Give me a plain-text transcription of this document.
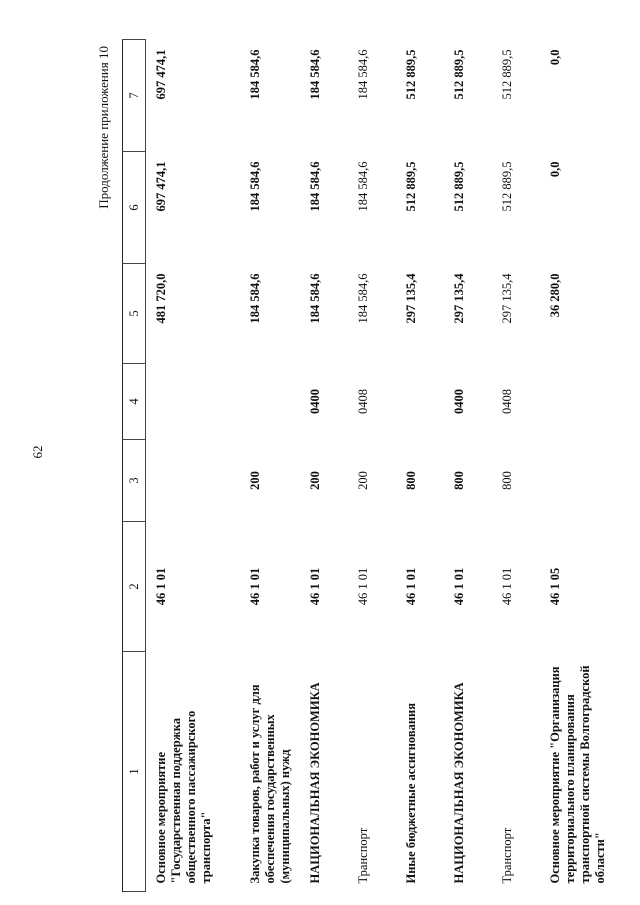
62
Продолжение приложения 10
1	2	3	4	5	6	7
Основное мероприятие "Государственная поддержка общественного пассажирского транспорта"	46 1 01			481 720,0	697 474,1	697 474,1
Закупка товаров, работ и услуг для обеспечения государственных (муниципальных) нужд	46 1 01	200		184 584,6	184 584,6	184 584,6
НАЦИОНАЛЬНАЯ ЭКОНОМИКА	46 1 01	200	0400	184 584,6	184 584,6	184 584,6
Транспорт	46 1 01	200	0408	184 584,6	184 584,6	184 584,6
Иные бюджетные ассигнования	46 1 01	800		297 135,4	512 889,5	512 889,5
НАЦИОНАЛЬНАЯ ЭКОНОМИКА	46 1 01	800	0400	297 135,4	512 889,5	512 889,5
Транспорт	46 1 01	800	0408	297 135,4	512 889,5	512 889,5
Основное мероприятие "Организация территориального планирования транспортной системы Волгоградской области"	46 1 05			36 280,0	0,0	0,0
